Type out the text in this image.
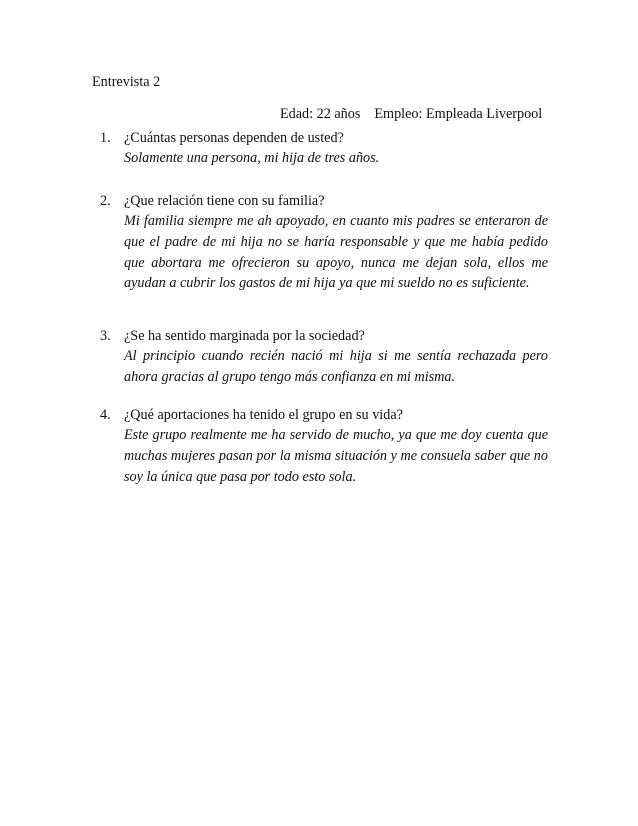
Entrevista 2
Edad: 22 años Empleo: Empleada Liverpool
1. ¿Cuántas personas dependen de usted?
Solamente una persona, mi hija de tres años.
2. ¿Que relación tiene con su familia?
Mi familia siempre me ah apoyado, en cuanto mis padres se enteraron de que el padre de mi hija no se haría responsable y que me había pedido que abortara me ofrecieron su apoyo, nunca me dejan sola, ellos me ayudan a cubrir los gastos de mi hija ya que mi sueldo no es suficiente.
3. ¿Se ha sentido marginada por la sociedad?
Al principio cuando recién nació mi hija si me sentía rechazada pero ahora gracias al grupo tengo más confianza en mi misma.
4. ¿Qué aportaciones ha tenido el grupo en su vida?
Este grupo realmente me ha servido de mucho, ya que me doy cuenta que muchas mujeres pasan por la misma situación y me consuela saber que no soy la única que pasa por todo esto sola.
